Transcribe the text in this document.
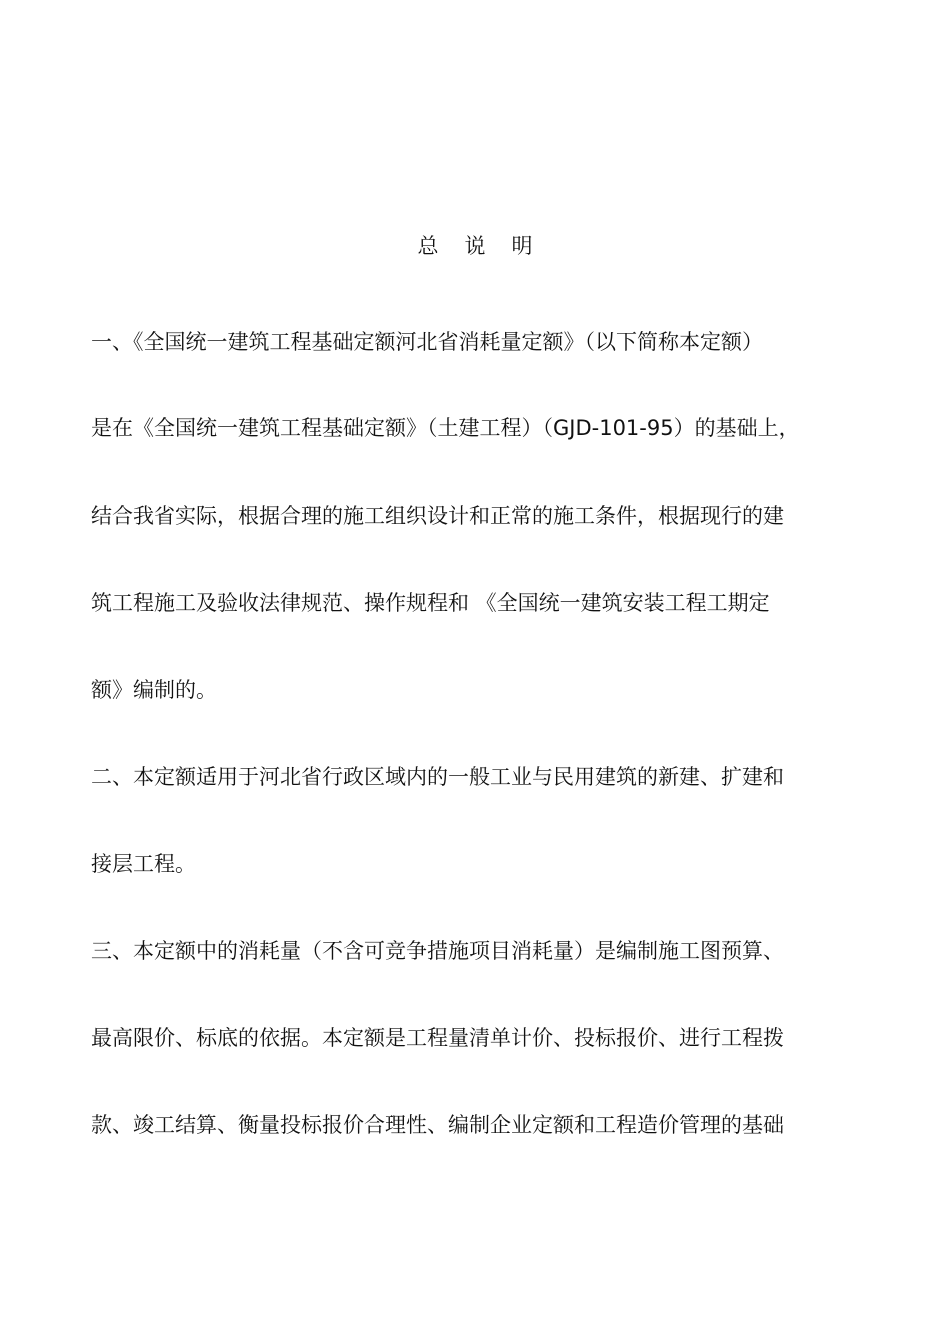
总说明
一、《全国统一建筑工程基础定额河北省消耗量定额》（以下简称本定额）
是在《全国统一建筑工程基础定额》（土建工程）（GJD-101-95）的基础上，
结合我省实际，根据合理的施工组织设计和正常的施工条件，根据现行的建
筑工程施工及验收法律规范、操作规程和 《全国统一建筑安装工程工期定
额》编制的。
二、本定额适用于河北省行政区域内的一般工业与民用建筑的新建、扩建和
接层工程。
三、本定额中的消耗量（不含可竞争措施项目消耗量）是编制施工图预算、
最高限价、标底的依据。本定额是工程量清单计价、投标报价、进行工程拨
款、竣工结算、衡量投标报价合理性、编制企业定额和工程造价管理的基础
